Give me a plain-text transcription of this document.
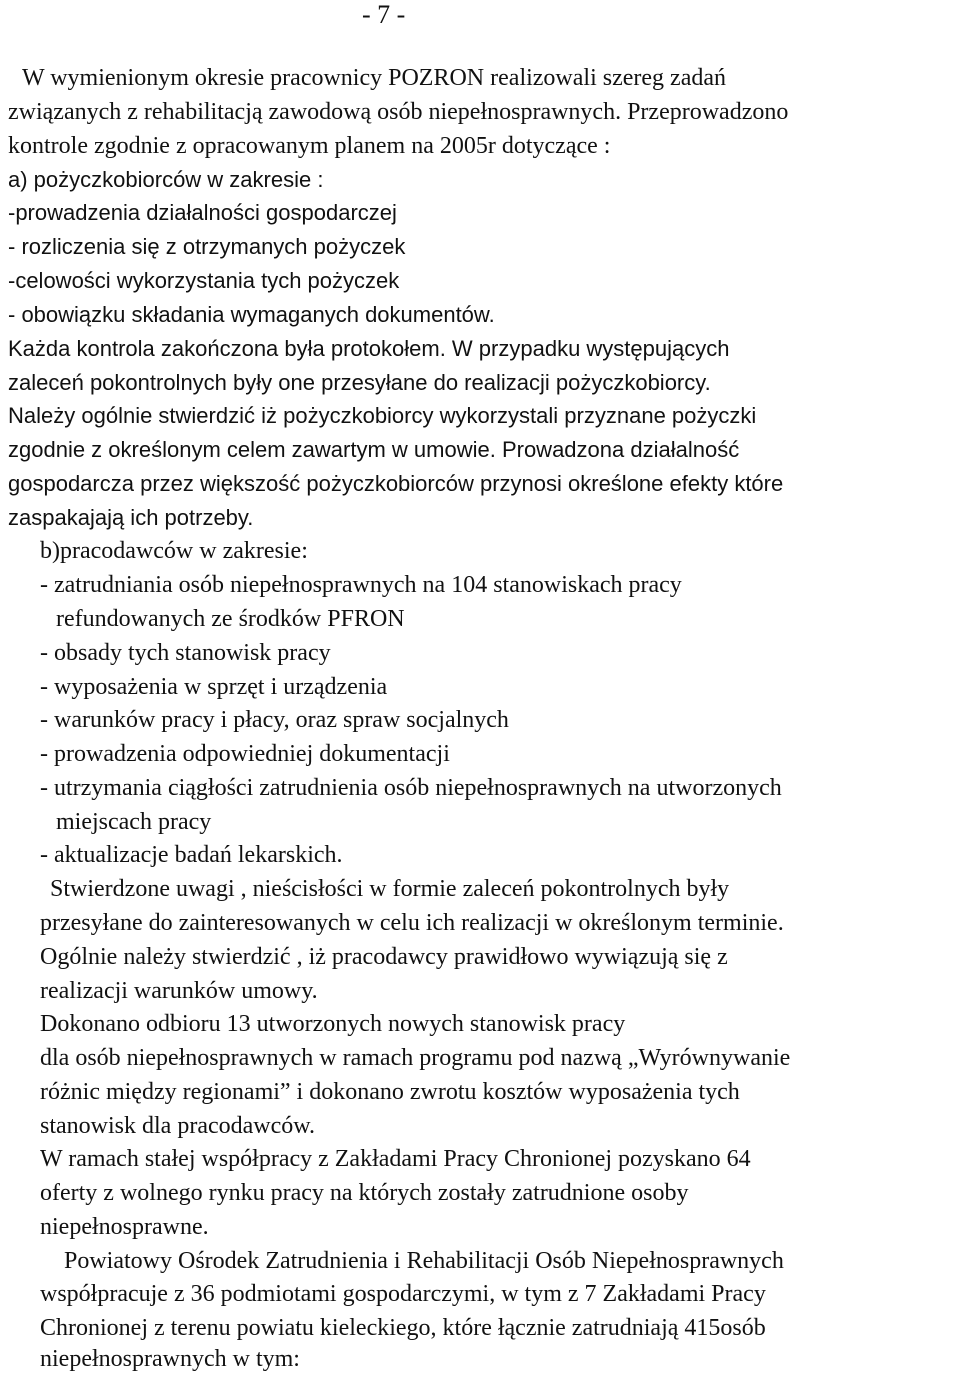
- 7 -
W wymienionym okresie pracownicy POZRON realizowali szereg zadań
związanych z rehabilitacją zawodową osób niepełnosprawnych. Przeprowadzono
kontrole zgodnie z opracowanym planem na 2005r dotyczące :
a) pożyczkobiorców w zakresie :
-prowadzenia działalności gospodarczej
- rozliczenia się z otrzymanych pożyczek
-celowości wykorzystania tych pożyczek
- obowiązku składania wymaganych dokumentów.
Każda kontrola zakończona była protokołem. W przypadku występujących
zaleceń pokontrolnych były one przesyłane do realizacji pożyczkobiorcy.
Należy ogólnie stwierdzić iż pożyczkobiorcy wykorzystali przyznane pożyczki
zgodnie z określonym celem zawartym w umowie. Prowadzona działalność
gospodarcza przez większość pożyczkobiorców przynosi określone efekty które
zaspakajają ich potrzeby.
b)pracodawców w zakresie:
- zatrudniania osób niepełnosprawnych na 104 stanowiskach pracy
refundowanych ze środków PFRON
- obsady tych stanowisk pracy
- wyposażenia w sprzęt i urządzenia
- warunków pracy i płacy, oraz spraw socjalnych
- prowadzenia odpowiedniej dokumentacji
- utrzymania ciągłości zatrudnienia osób niepełnosprawnych na utworzonych
miejscach pracy
- aktualizacje badań lekarskich.
Stwierdzone uwagi , nieścisłości w formie zaleceń pokontrolnych były
przesyłane do zainteresowanych w celu ich realizacji w określonym terminie.
Ogólnie należy stwierdzić , iż pracodawcy prawidłowo wywiązują się z
realizacji warunków umowy.
Dokonano odbioru 13 utworzonych nowych stanowisk pracy
dla osób niepełnosprawnych w ramach programu pod nazwą „Wyrównywanie
różnic między regionami” i dokonano zwrotu kosztów wyposażenia tych
stanowisk dla pracodawców.
W ramach stałej współpracy z Zakładami Pracy Chronionej pozyskano 64
oferty z wolnego rynku pracy na których zostały zatrudnione osoby
niepełnosprawne.
Powiatowy Ośrodek Zatrudnienia i Rehabilitacji Osób Niepełnosprawnych
współpracuje z 36 podmiotami gospodarczymi, w tym z 7 Zakładami Pracy
Chronionej z terenu powiatu kieleckiego, które łącznie zatrudniają 415osób
niepełnosprawnych w tym:
